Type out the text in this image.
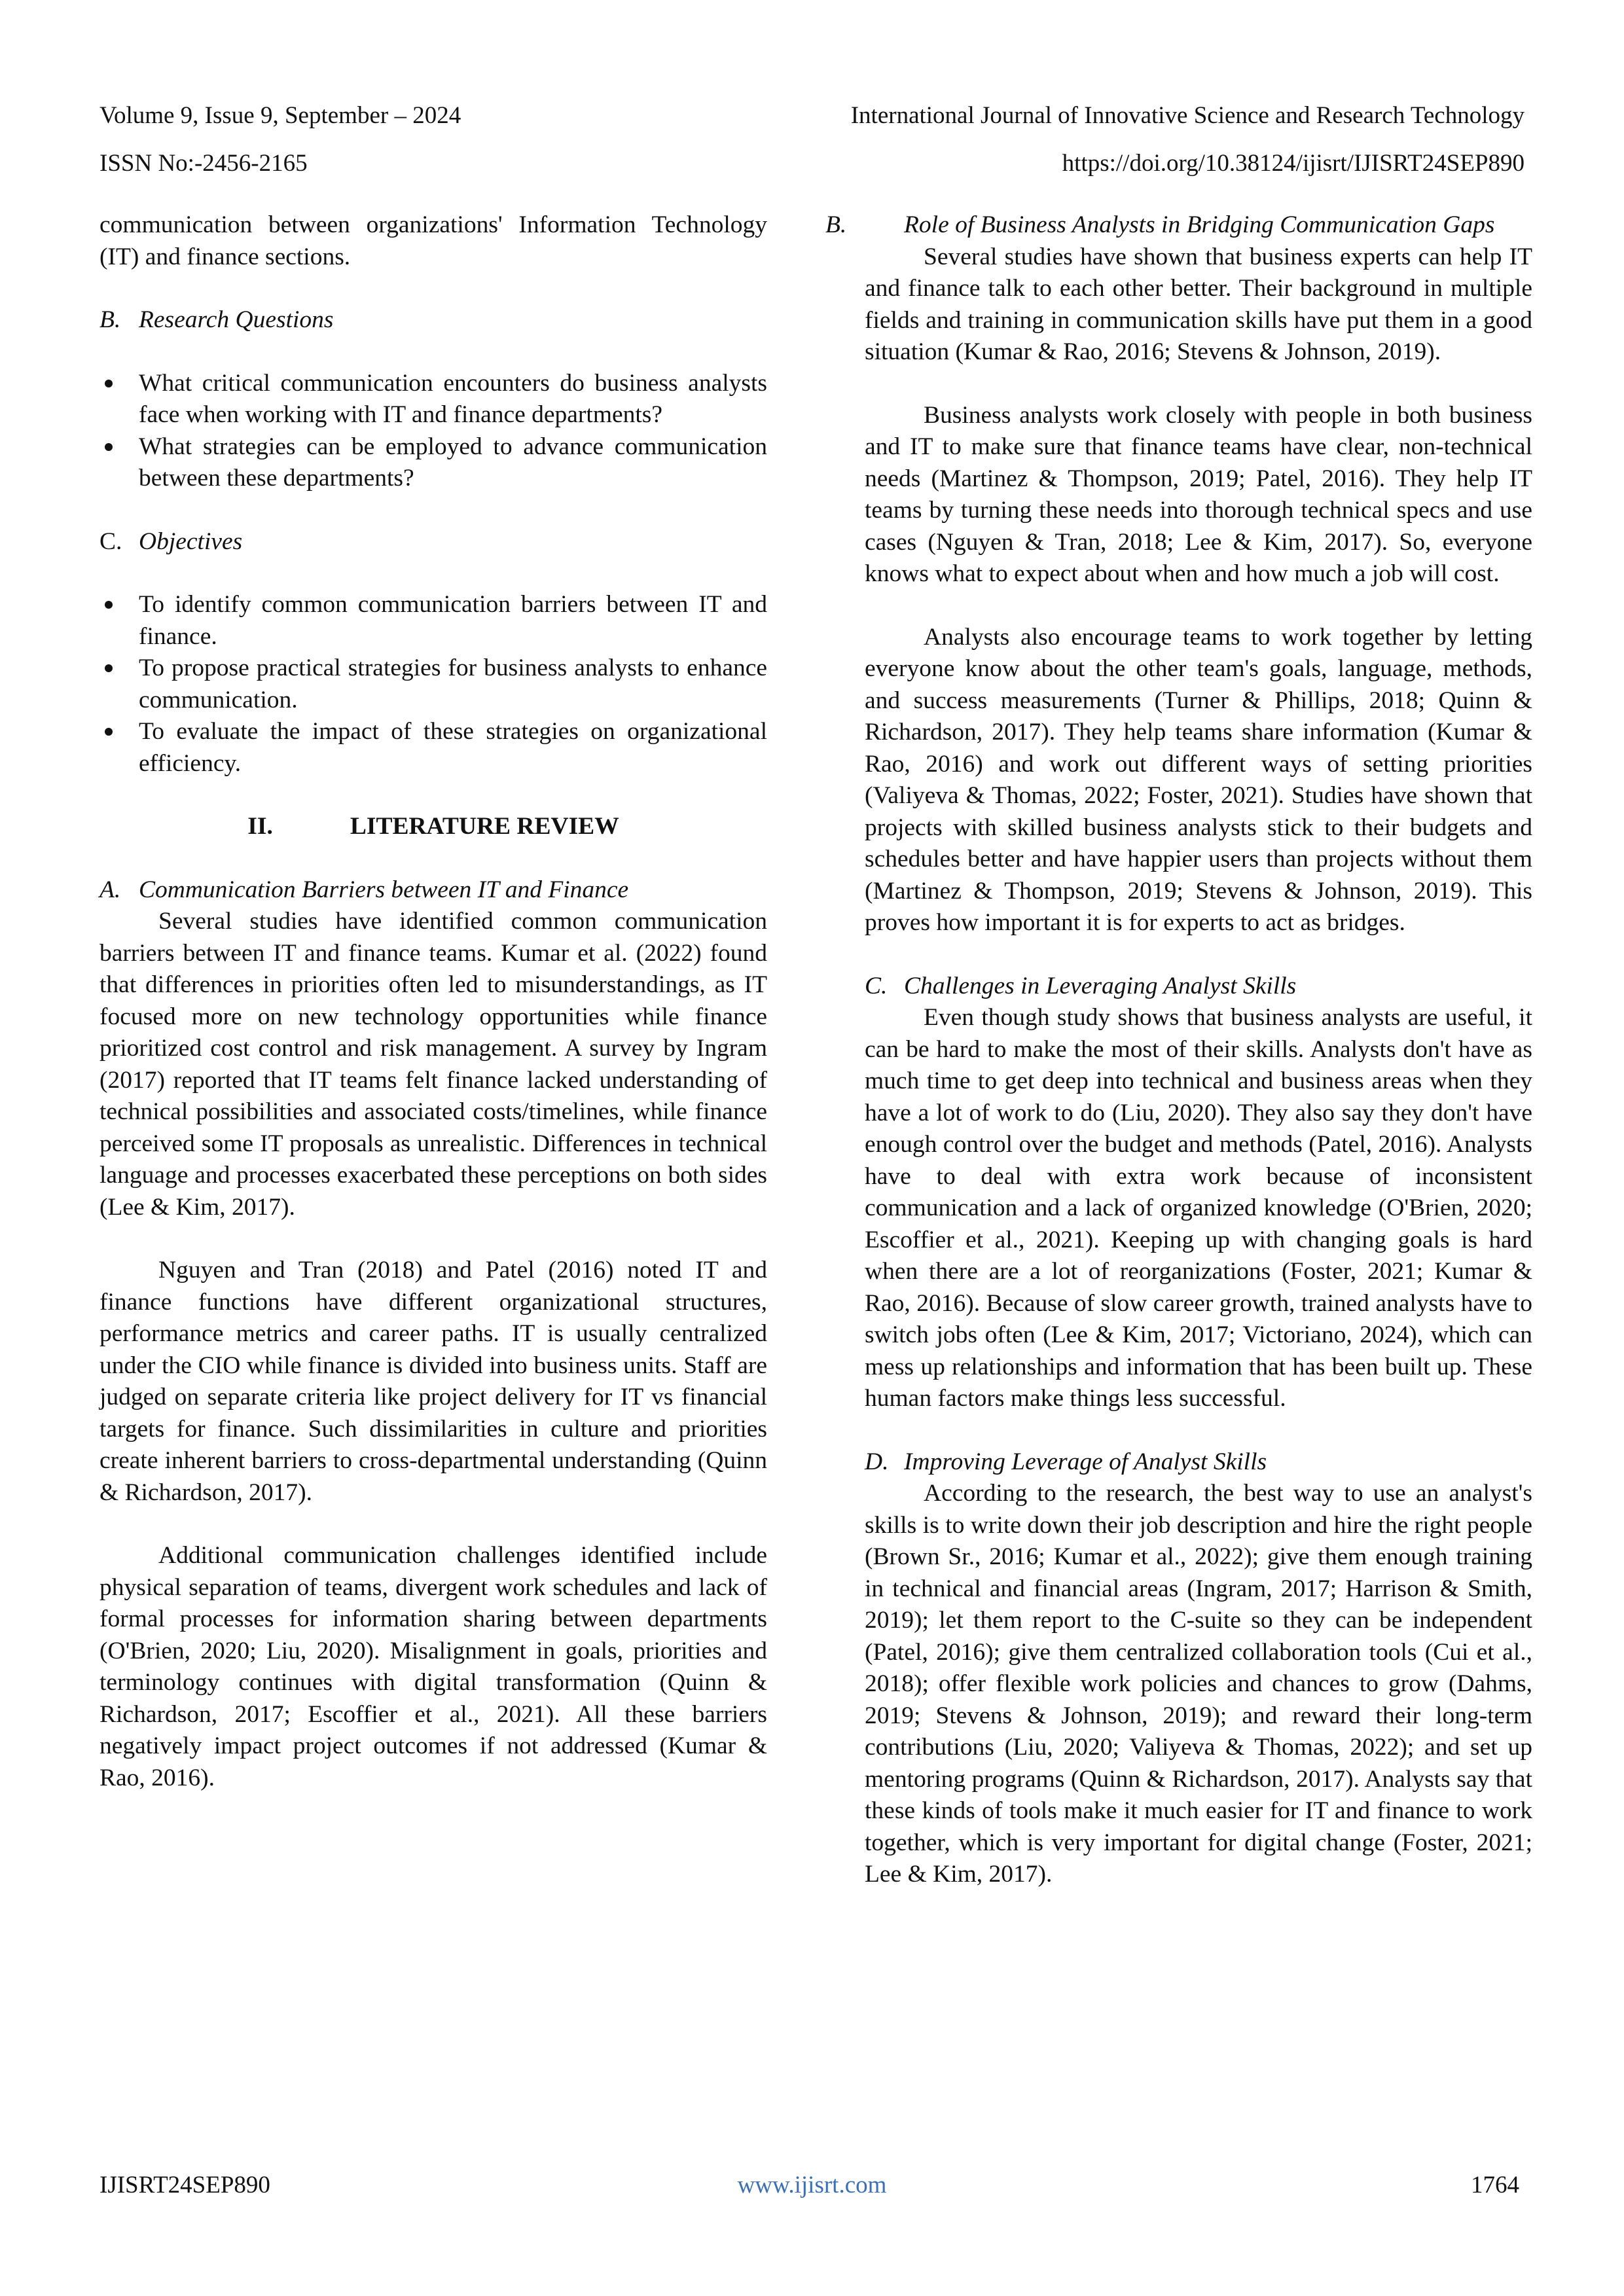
Volume 9, Issue 9, September – 2024
ISSN No:-2456-2165
International Journal of Innovative Science and Research Technology
https://doi.org/10.38124/ijisrt/IJISRT24SEP890

communication between organizations' Information Technology (IT) and finance sections.

B. Research Questions

What critical communication encounters do business analysts face when working with IT and finance departments?
What strategies can be employed to advance communication between these departments?

C. Objectives

To identify common communication barriers between IT and finance.
To propose practical strategies for business analysts to enhance communication.
To evaluate the impact of these strategies on organizational efficiency.

II.	LITERATURE REVIEW

A. Communication Barriers between IT and Finance

Several studies have identified common communication barriers between IT and finance teams. Kumar et al. (2022) found that differences in priorities often led to misunderstandings, as IT focused more on new technology opportunities while finance prioritized cost control and risk management. A survey by Ingram (2017) reported that IT teams felt finance lacked understanding of technical possibilities and associated costs/timelines, while finance perceived some IT proposals as unrealistic. Differences in technical language and processes exacerbated these perceptions on both sides (Lee & Kim, 2017).

Nguyen and Tran (2018) and Patel (2016) noted IT and finance functions have different organizational structures, performance metrics and career paths. IT is usually centralized under the CIO while finance is divided into business units. Staff are judged on separate criteria like project delivery for IT vs financial targets for finance. Such dissimilarities in culture and priorities create inherent barriers to cross-departmental understanding (Quinn & Richardson, 2017).

Additional communication challenges identified include physical separation of teams, divergent work schedules and lack of formal processes for information sharing between departments (O'Brien, 2020; Liu, 2020). Misalignment in goals, priorities and terminology continues with digital transformation (Quinn & Richardson, 2017; Escoffier et al., 2021). All these barriers negatively impact project outcomes if not addressed (Kumar & Rao, 2016).

B. Role of Business Analysts in Bridging Communication Gaps

Several studies have shown that business experts can help IT and finance talk to each other better. Their background in multiple fields and training in communication skills have put them in a good situation (Kumar & Rao, 2016; Stevens & Johnson, 2019).

Business analysts work closely with people in both business and IT to make sure that finance teams have clear, non-technical needs (Martinez & Thompson, 2019; Patel, 2016). They help IT teams by turning these needs into thorough technical specs and use cases (Nguyen & Tran, 2018; Lee & Kim, 2017). So, everyone knows what to expect about when and how much a job will cost.

Analysts also encourage teams to work together by letting everyone know about the other team's goals, language, methods, and success measurements (Turner & Phillips, 2018; Quinn & Richardson, 2017). They help teams share information (Kumar & Rao, 2016) and work out different ways of setting priorities (Valiyeva & Thomas, 2022; Foster, 2021). Studies have shown that projects with skilled business analysts stick to their budgets and schedules better and have happier users than projects without them (Martinez & Thompson, 2019; Stevens & Johnson, 2019). This proves how important it is for experts to act as bridges.

C. Challenges in Leveraging Analyst Skills

Even though study shows that business analysts are useful, it can be hard to make the most of their skills. Analysts don't have as much time to get deep into technical and business areas when they have a lot of work to do (Liu, 2020). They also say they don't have enough control over the budget and methods (Patel, 2016). Analysts have to deal with extra work because of inconsistent communication and a lack of organized knowledge (O'Brien, 2020; Escoffier et al., 2021). Keeping up with changing goals is hard when there are a lot of reorganizations (Foster, 2021; Kumar & Rao, 2016). Because of slow career growth, trained analysts have to switch jobs often (Lee & Kim, 2017; Victoriano, 2024), which can mess up relationships and information that has been built up. These human factors make things less successful.

D. Improving Leverage of Analyst Skills

According to the research, the best way to use an analyst's skills is to write down their job description and hire the right people (Brown Sr., 2016; Kumar et al., 2022); give them enough training in technical and financial areas (Ingram, 2017; Harrison & Smith, 2019); let them report to the C-suite so they can be independent (Patel, 2016); give them centralized collaboration tools (Cui et al., 2018); offer flexible work policies and chances to grow (Dahms, 2019; Stevens & Johnson, 2019); and reward their long-term contributions (Liu, 2020; Valiyeva & Thomas, 2022); and set up mentoring programs (Quinn & Richardson, 2017). Analysts say that these kinds of tools make it much easier for IT and finance to work together, which is very important for digital change (Foster, 2021; Lee & Kim, 2017).

IJISRT24SEP890	www.ijisrt.com	1764
